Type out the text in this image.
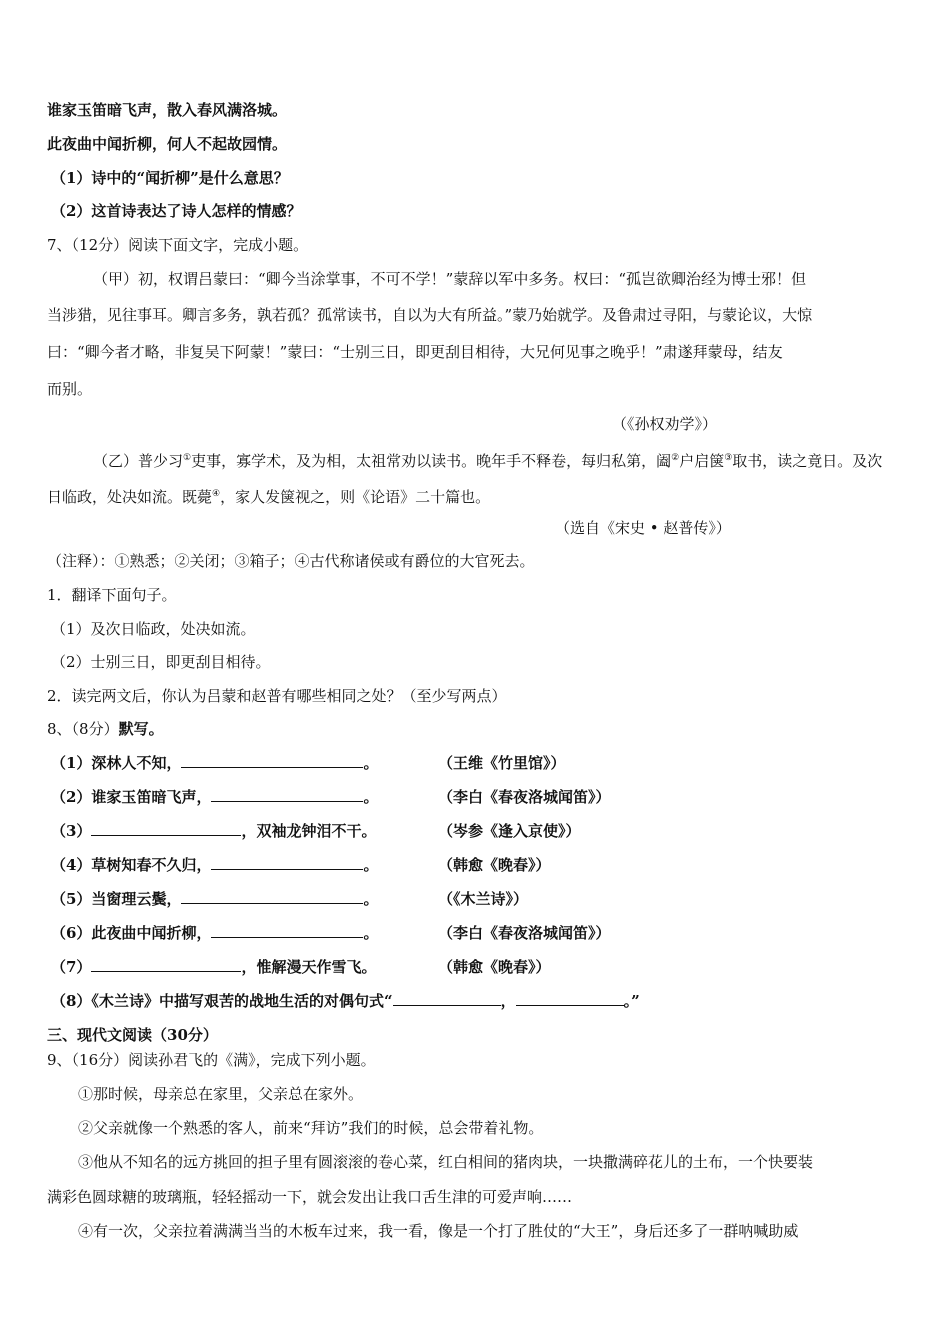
谁家玉笛暗飞声，散入春风满洛城。
此夜曲中闻折柳，何人不起故园情。
（1）诗中的“闻折柳”是什么意思？
（2）这首诗表达了诗人怎样的情感？
7、（12分）阅读下面文字，完成小题。
（甲）初，权谓吕蒙曰：“卿今当涂掌事，不可不学！”蒙辞以军中多务。权曰：“孤岂欲卿治经为博士邪！但
当涉猎，见往事耳。卿言多务，孰若孤？孤常读书，自以为大有所益。”蒙乃始就学。及鲁肃过寻阳，与蒙论议，大惊
曰：“卿今者才略，非复吴下阿蒙！”蒙曰：“士别三日，即更刮目相待，大兄何见事之晚乎！”肃遂拜蒙母，结友
而别。
（《孙权劝学》）
（乙）普少习①吏事，寡学术，及为相，太祖常劝以读书。晚年手不释卷，每归私第，阖②户启箧③取书，读之竟日。及次
日临政，处决如流。既薨④，家人发箧视之，则《论语》二十篇也。
（选自《宋史 • 赵普传》）
（注释）：①熟悉；②关闭；③箱子；④古代称诸侯或有爵位的大官死去。
1．翻译下面句子。
（1）及次日临政，处决如流。
（2）士别三日，即更刮目相待。
2．读完两文后，你认为吕蒙和赵普有哪些相同之处？（至少写两点）
8、（8分）默写。
（1）深林人不知，	。	（王维《竹里馆》）
（2）谁家玉笛暗飞声，	。	（李白《春夜洛城闻笛》）
（3）	，双袖龙钟泪不干。	（岑参《逢入京使》）
（4）草树知春不久归，	。	（韩愈《晚春》）
（5）当窗理云鬓，	。	（《木兰诗》）
（6）此夜曲中闻折柳，	。	（李白《春夜洛城闻笛》）
（7）	，惟解漫天作雪飞。	（韩愈《晚春》）
（8）《木兰诗》中描写艰苦的战地生活的对偶句式“	，	。”
三、现代文阅读（30分）
9、（16分）阅读孙君飞的《满》，完成下列小题。
①那时候，母亲总在家里，父亲总在家外。
②父亲就像一个熟悉的客人，前来“拜访”我们的时候，总会带着礼物。
③他从不知名的远方挑回的担子里有圆滚滚的卷心菜，红白相间的猪肉块，一块撒满碎花儿的土布，一个快要装
满彩色圆球糖的玻璃瓶，轻轻摇动一下，就会发出让我口舌生津的可爱声响……
④有一次，父亲拉着满满当当的木板车过来，我一看，像是一个打了胜仗的“大王”，身后还多了一群呐喊助威
